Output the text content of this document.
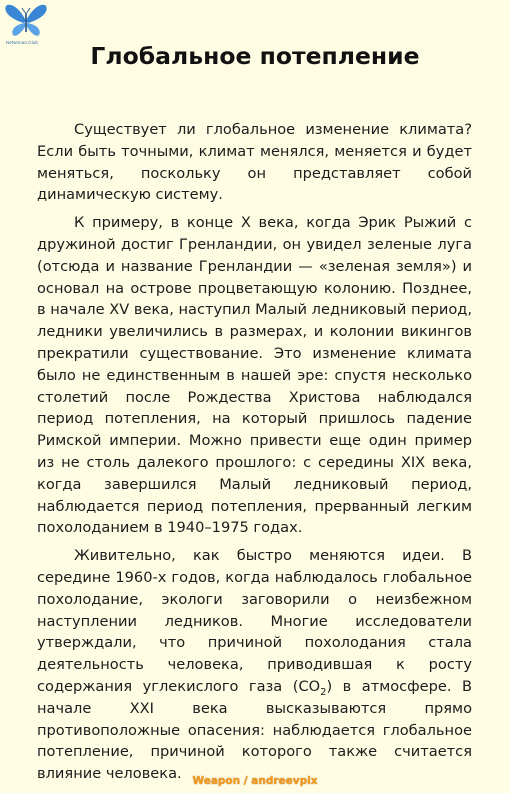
NeNeman.Club	Глобальное потепление

Существует ли глобальное изменение климата? Если быть точными, климат менялся, меняется и будет меняться, поскольку он представляет собой динамическую систему.

К примеру, в конце X века, когда Эрик Рыжий с дружиной достиг Гренландии, он увидел зеленые луга (отсюда и название Гренландии — «зеленая земля») и основал на острове процветающую колонию. Позднее, в начале XV века, наступил Малый ледниковый период, ледники увеличились в размерах, и колонии викингов прекратили существование. Это изменение климата было не единственным в нашей эре: спустя несколько столетий после Рождества Христова наблюдался период потепления, на который пришлось падение Римской империи. Можно привести еще один пример из не столь далекого прошлого: с середины XIX века, когда завершился Малый ледниковый период, наблюдается период потепления, прерванный легким похолоданием в 1940–1975 годах.

Живительно, как быстро меняются идеи. В середине 1960-х годов, когда наблюдалось глобальное похолодание, экологи заговорили о неизбежном наступлении ледников. Многие исследователи утверждали, что причиной похолодания стала деятельность человека, приводившая к росту содержания углекислого газа $(CO_2)$ в атмосфере. В начале XXI века высказываются прямо противоположные опасения: наблюдается глобальное потепление, причиной которого также считается влияние человека.	Weapon / andreevpix
